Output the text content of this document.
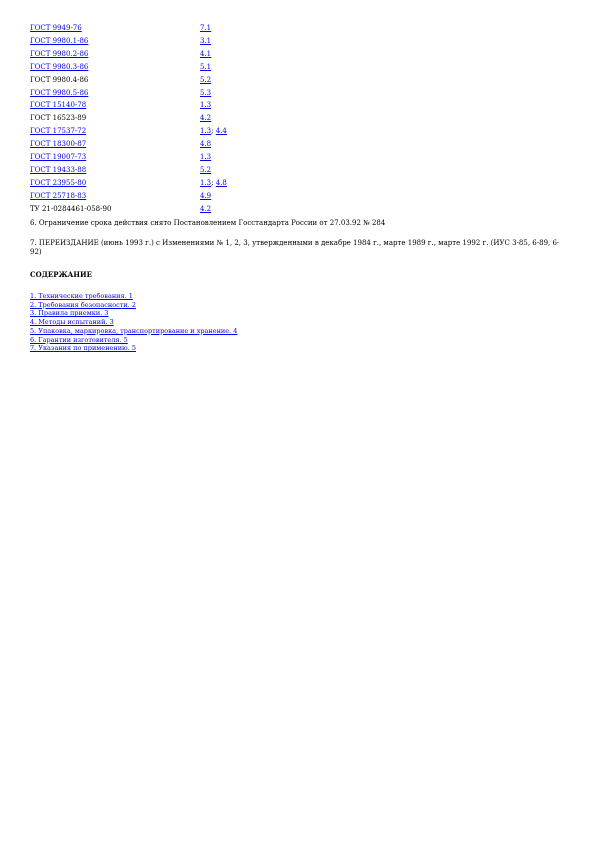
ГОСТ 9949-76	7.1
ГОСТ 9980.1-86	3.1
ГОСТ 9980.2-86	4.1
ГОСТ 9980.3-86	5.1
ГОСТ 9980.4-86	5.2
ГОСТ 9980.5-86	5.3
ГОСТ 15140-78	1.3
ГОСТ 16523-89	4.2
ГОСТ 17537-72	1.3; 4.4
ГОСТ 18300-87	4.8
ГОСТ 19007-73	1.3
ГОСТ 19433-88	5.2
ГОСТ 23955-80	1.3; 4.8
ГОСТ 25718-83	4.9
ТУ 21-0284461-058-90	4.2

6. Ограничение срока действия снято Постановлением Госстандарта России от 27.03.92 № 284

7. ПЕРЕИЗДАНИЕ (июнь 1993 г.) с Изменениями № 1, 2, 3, утвержденными в декабре 1984 г., марте 1989 г., марте 1992 г. (ИУС 3-85, 6-89, 6-92)

СОДЕРЖАНИЕ
1. Технические требования. 1
2. Требования безопасности. 2
3. Правила приемки. 3
4. Методы испытаний. 3
5. Упаковка, маркировка, транспортирование и хранение. 4
6. Гарантии изготовителя. 5
7. Указания по применению. 5
